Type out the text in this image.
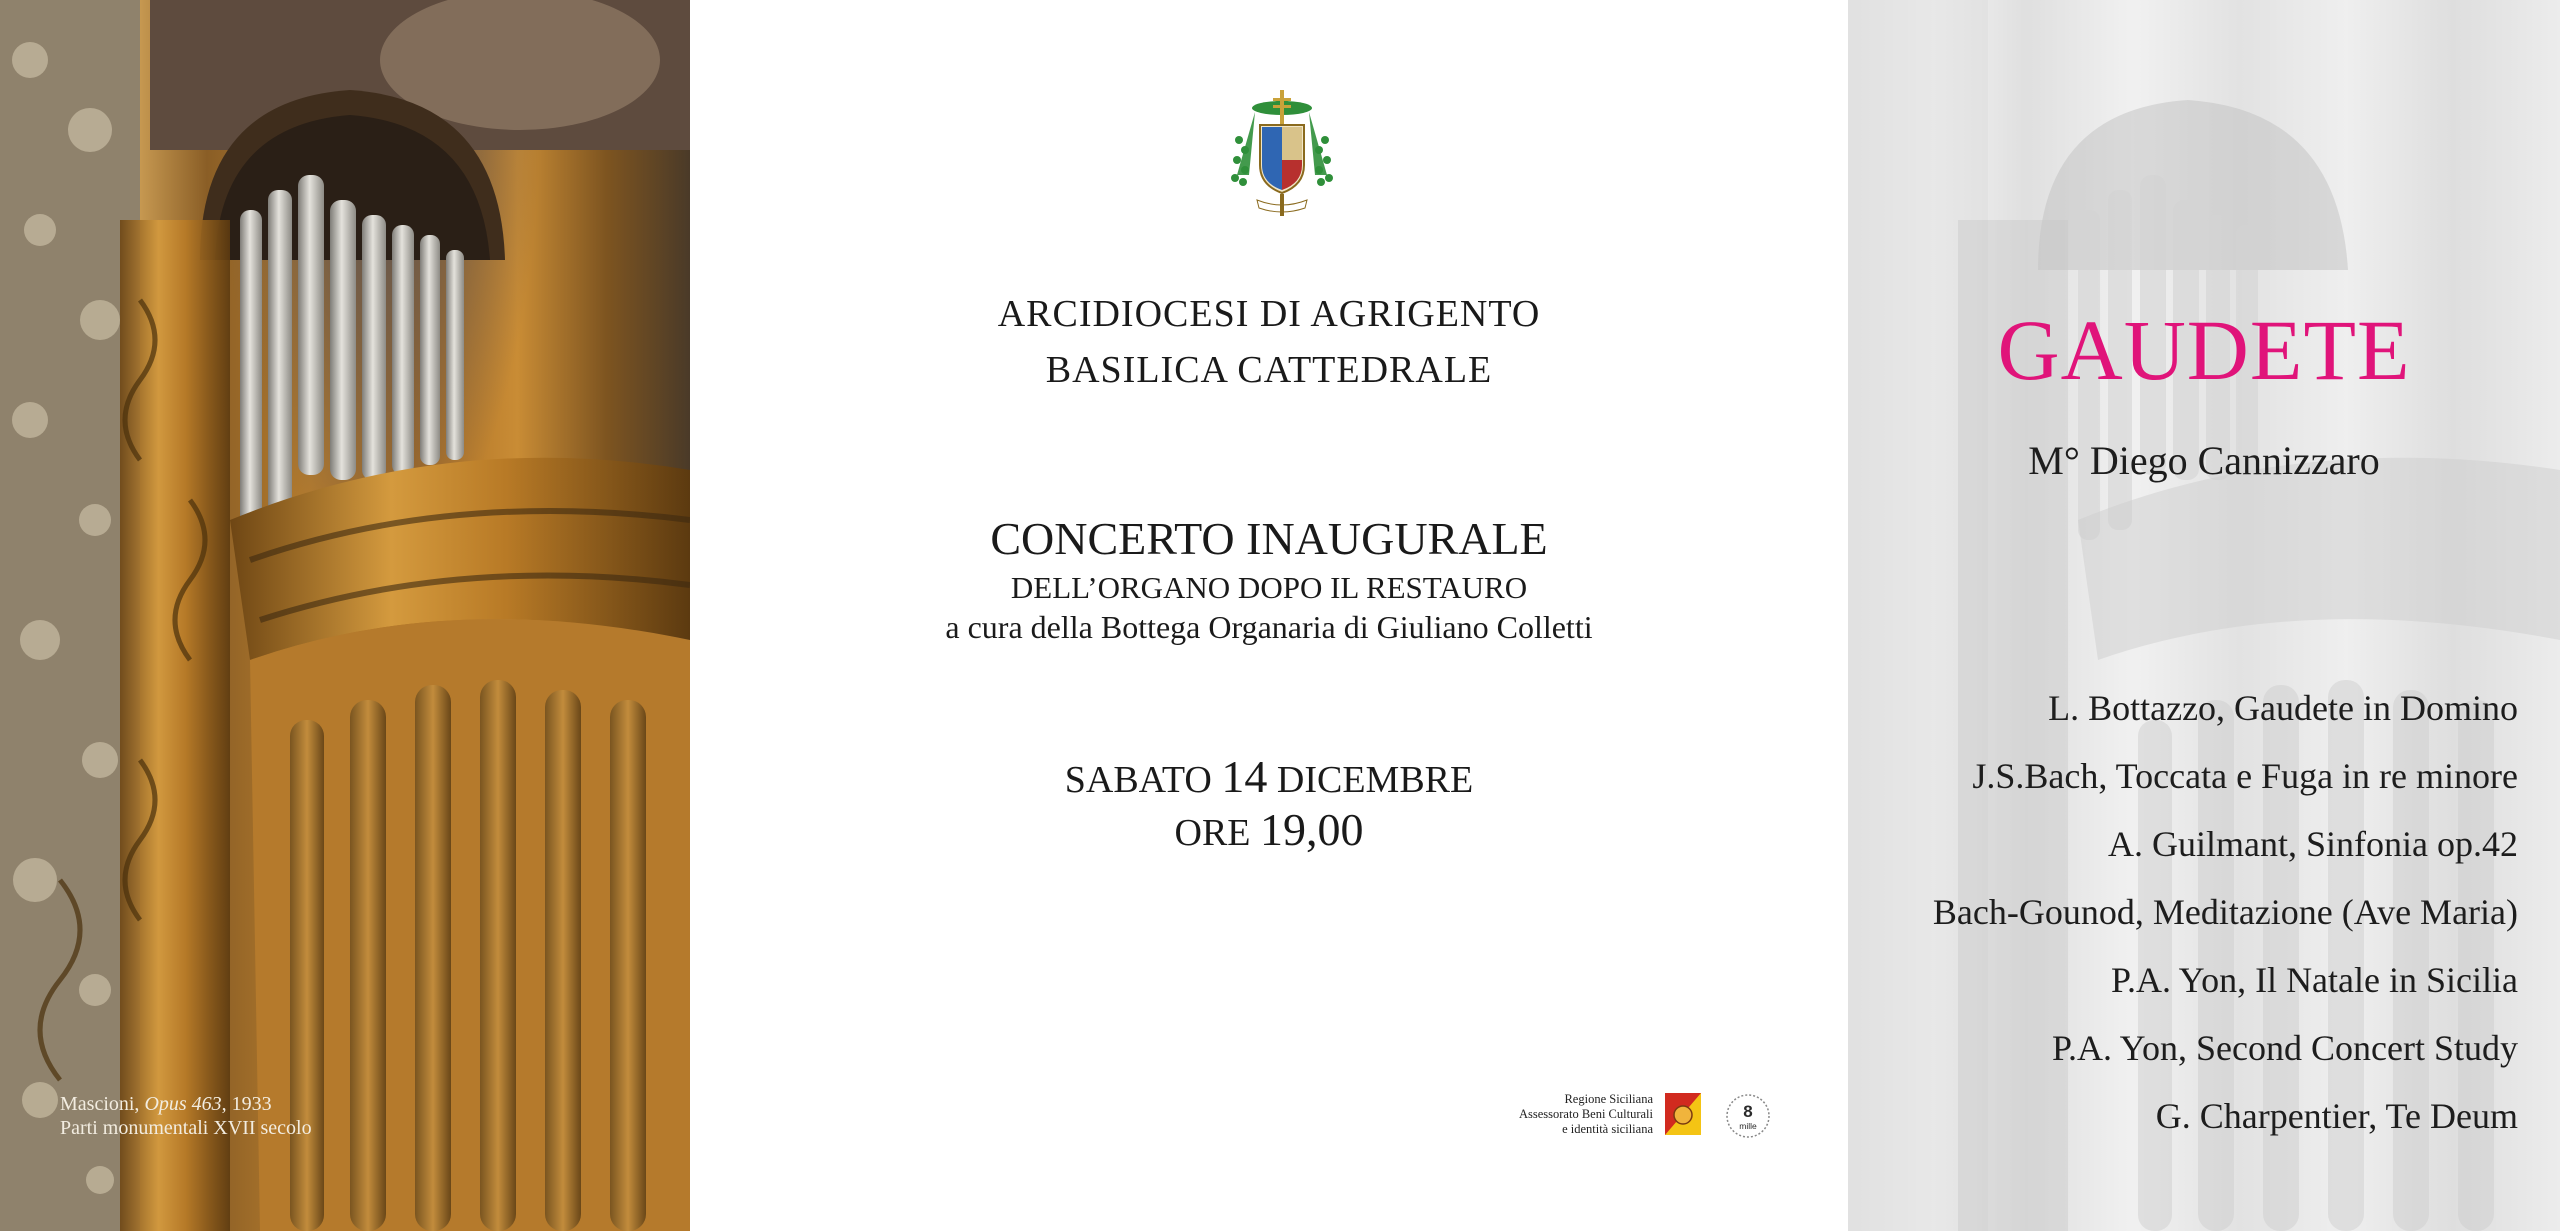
Mascioni, Opus 463, 1933
Parti monumentali XVII secolo
ARCIDIOCESI DI AGRIGENTO
BASILICA CATTEDRALE
CONCERTO INAUGURALE
DELL’ORGANO DOPO IL RESTAURO
a cura della Bottega Organaria di Giuliano Colletti
SABATO 14 DICEMBRE
ORE 19,00
Regione Siciliana
Assessorato Beni Culturali
e identità siciliana
8
mille
GAUDETE
M° Diego Cannizzaro
L. Bottazzo, Gaudete in Domino
J.S.Bach, Toccata e Fuga in re minore
A. Guilmant, Sinfonia op.42
Bach-Gounod, Meditazione (Ave Maria)
P.A. Yon, Il Natale in Sicilia
P.A. Yon, Second Concert Study
G. Charpentier, Te Deum
